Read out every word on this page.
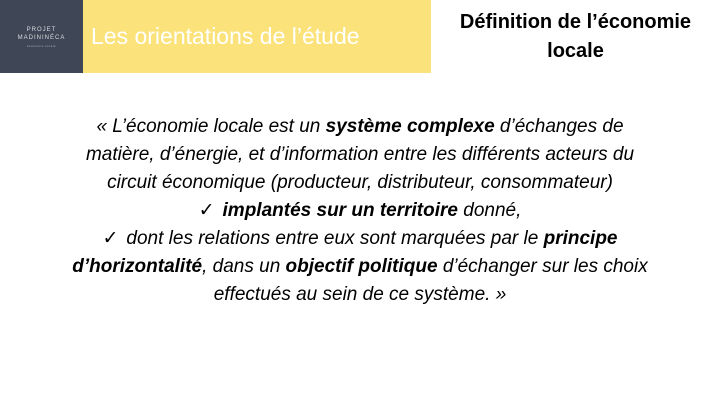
PROJET
MADININÉCA
économie locale	Les orientations de l’étude
Définition de l’économie
locale
« L’économie locale est un système complexe d’échanges de matière, d’énergie, et d’information entre les différents acteurs du circuit économique (producteur, distributeur, consommateur)
✓ implantés sur un territoire donné,
✓ dont les relations entre eux sont marquées par le principe d’horizontalité, dans un objectif politique d’échanger sur les choix effectués au sein de ce système. »
